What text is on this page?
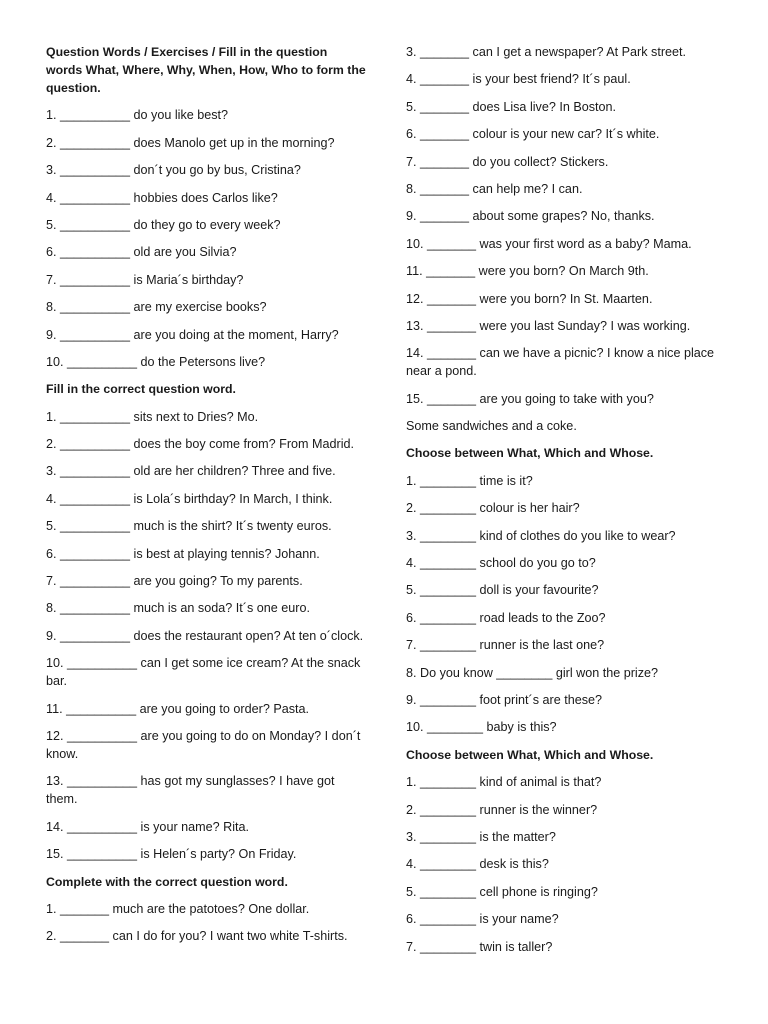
Question Words / Exercises / Fill in the question words What, Where, Why, When, How, Who to form the question.
1. __________ do you like best?
2. __________ does Manolo get up in the morning?
3. __________ don´t you go by bus, Cristina?
4. __________ hobbies does Carlos like?
5. __________ do they go to every week?
6. __________ old are you Silvia?
7. __________ is Maria´s birthday?
8. __________ are my exercise books?
9. __________ are you doing at the moment, Harry?
10. __________ do the Petersons live?
Fill in the correct question word.
1. __________ sits next to Dries? Mo.
2. __________ does the boy come from? From Madrid.
3. __________ old are her children? Three and five.
4. __________ is Lola´s birthday? In March, I think.
5. __________ much is the shirt? It´s twenty euros.
6. __________ is best at playing tennis? Johann.
7. __________ are you going? To my parents.
8. __________ much is an soda? It´s one euro.
9. __________ does the restaurant open? At ten o´clock.
10. __________ can I get some ice cream? At the snack bar.
11. __________ are you going to order? Pasta.
12. __________ are you going to do on Monday? I don´t know.
13. __________ has got my sunglasses? I have got them.
14. __________ is your name? Rita.
15. __________ is Helen´s party? On Friday.
Complete with the correct question word.
1. _______ much are the patotoes? One dollar.
2. _______ can I do for you? I want two white T-shirts.
3. _______ can I get a newspaper? At Park street.
4. _______ is your best friend? It´s paul.
5. _______ does Lisa live? In Boston.
6. _______ colour is your new car? It´s white.
7. _______ do you collect? Stickers.
8. _______ can help me? I can.
9. _______ about some grapes? No, thanks.
10. _______ was your first word as a baby? Mama.
11. _______ were you born? On March 9th.
12. _______ were you born? In St. Maarten.
13. _______ were you last Sunday? I was working.
14. _______ can we have a picnic? I know a nice place near a pond.
15. _______ are you going to take with you?
Some sandwiches and a coke.
Choose between What, Which and Whose.
1. ________ time is it?
2. ________ colour is her hair?
3. ________ kind of clothes do you like to wear?
4. ________ school do you go to?
5. ________ doll is your favourite?
6. ________ road leads to the Zoo?
7. ________ runner is the last one?
8. Do you know ________ girl won the prize?
9. ________ foot print´s are these?
10. ________ baby is this?
Choose between What, Which and Whose.
1. ________ kind of animal is that?
2. ________ runner is the winner?
3. ________ is the matter?
4. ________ desk is this?
5. ________ cell phone is ringing?
6. ________ is your name?
7. ________ twin is taller?
